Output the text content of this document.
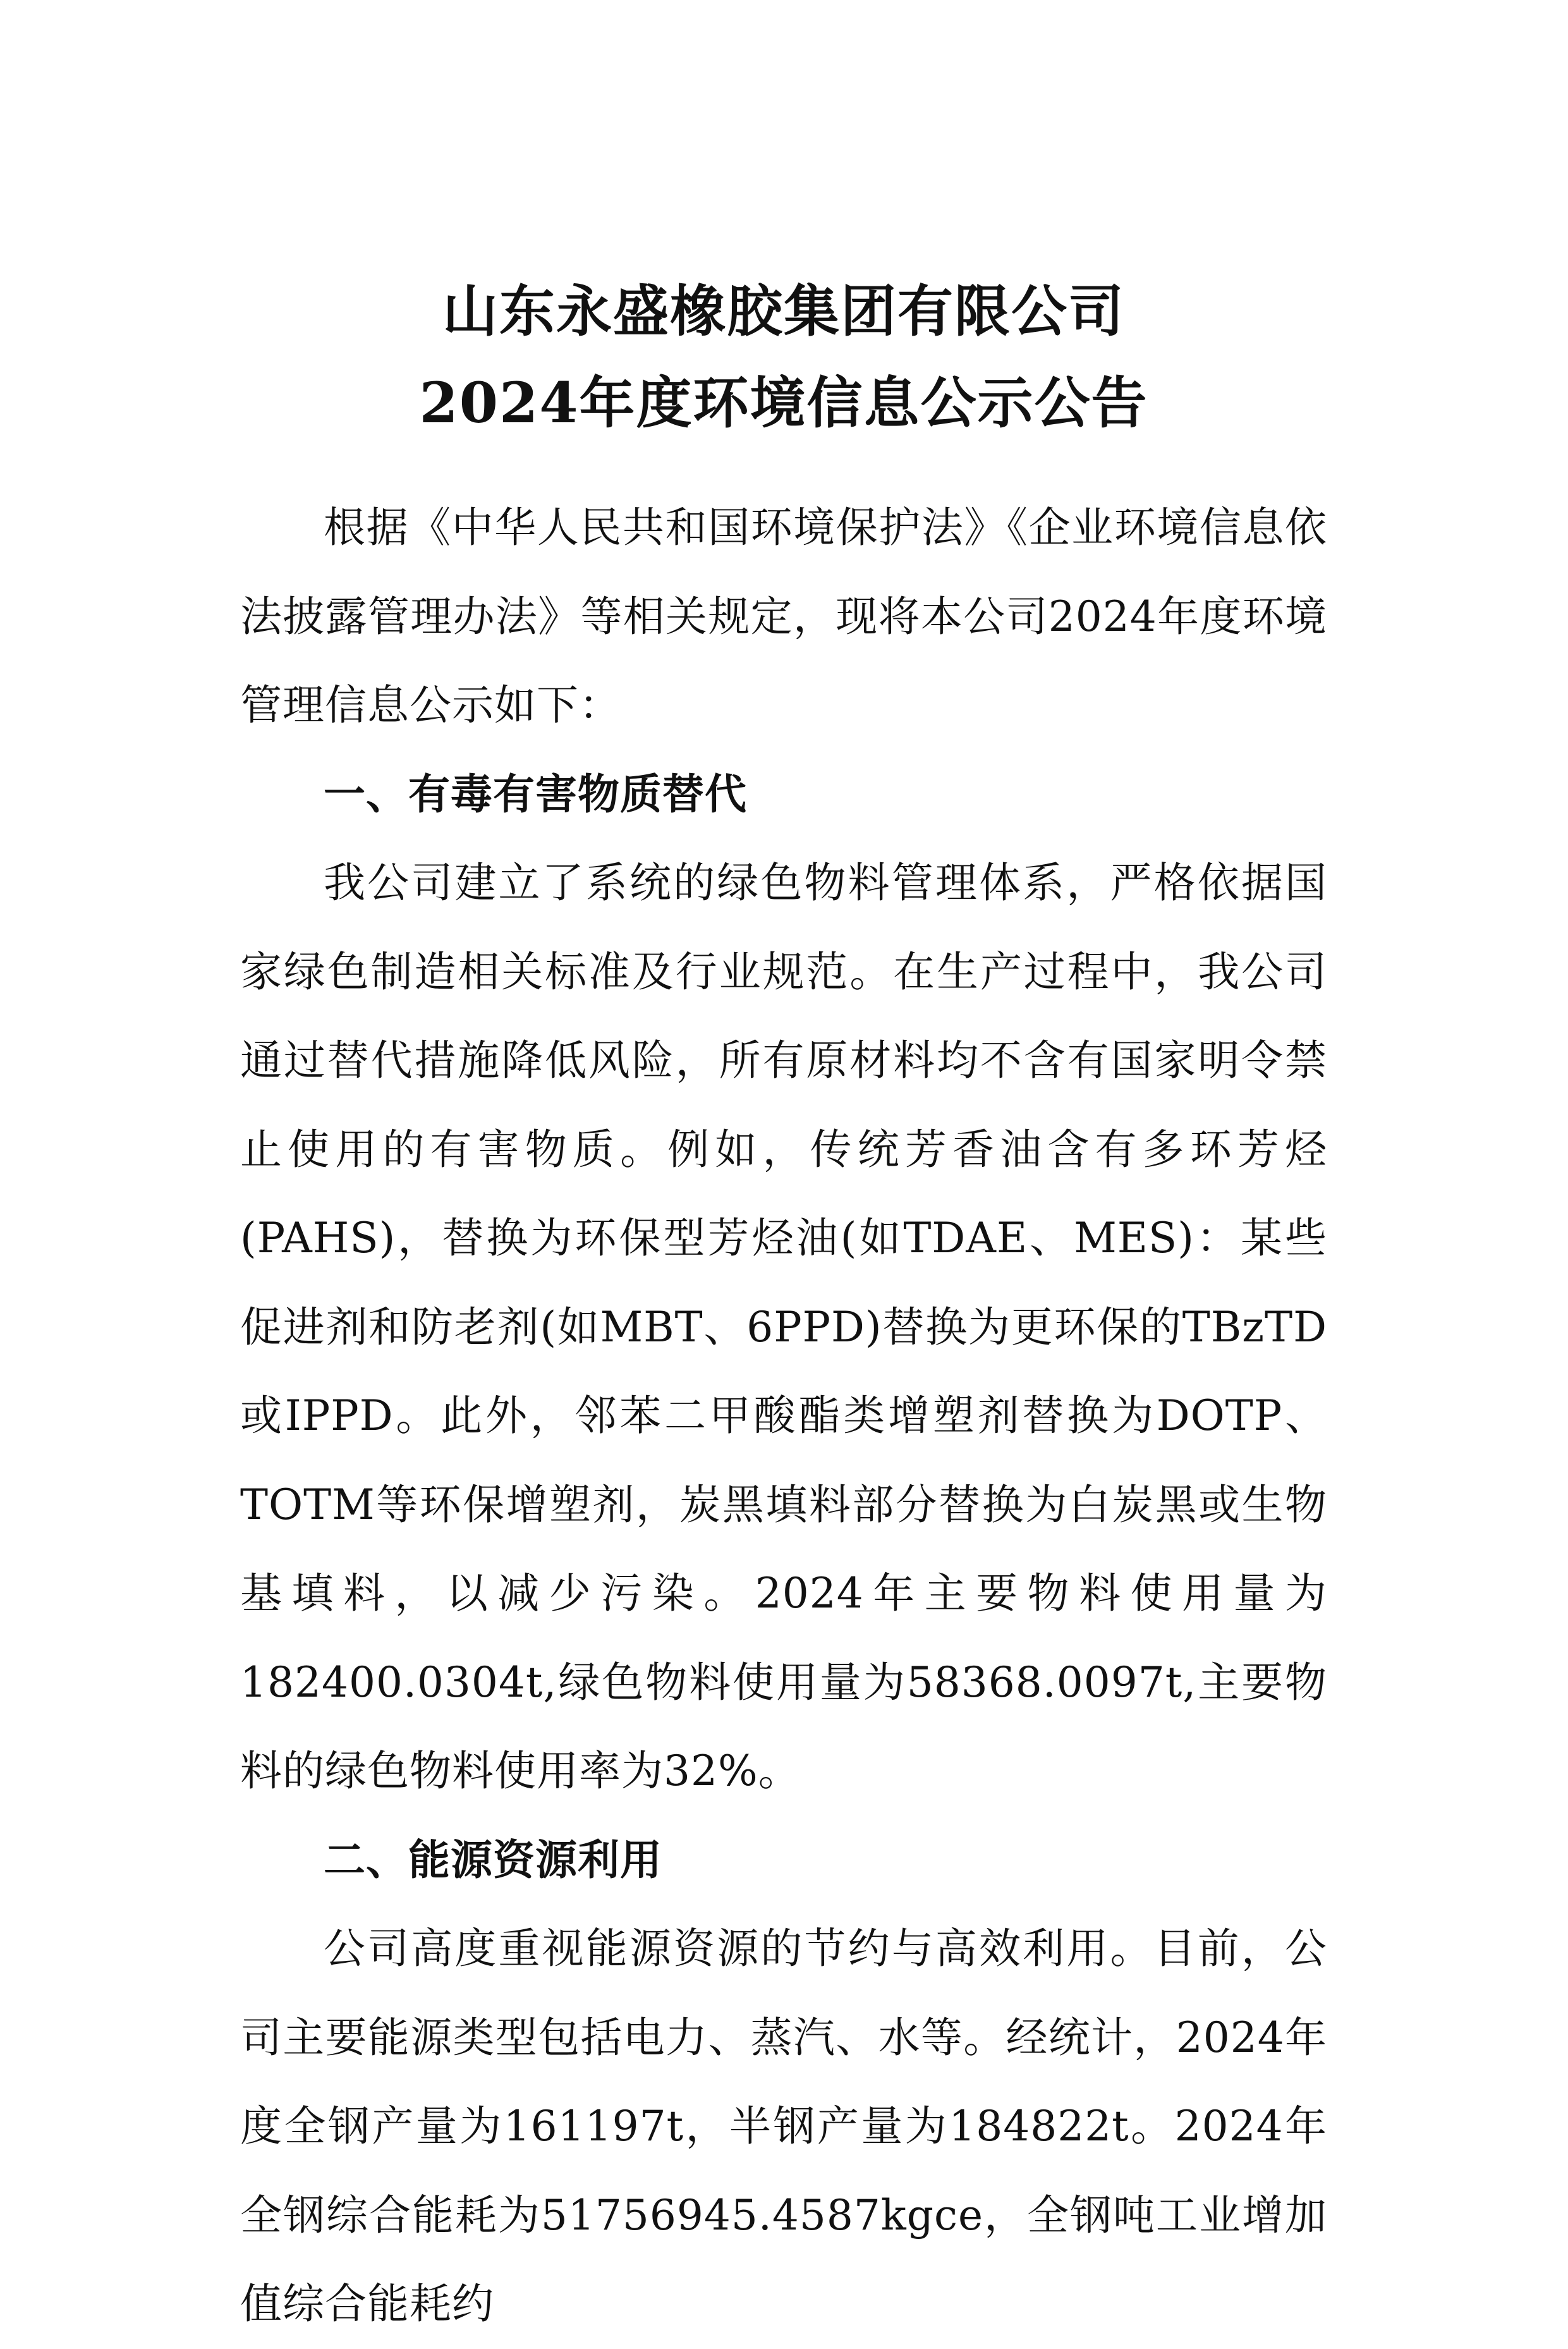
山东永盛橡胶集团有限公司
2024年度环境信息公示公告

根据《中华人民共和国环境保护法》《企业环境信息依法披露管理办法》等相关规定，现将本公司2024年度环境管理信息公示如下：

一、有毒有害物质替代

我公司建立了系统的绿色物料管理体系，严格依据国家绿色制造相关标准及行业规范。在生产过程中，我公司通过替代措施降低风险，所有原材料均不含有国家明令禁止使用的有害物质。例如，传统芳香油含有多环芳烃(PAHS)，替换为环保型芳烃油(如TDAE、MES)：某些促进剂和防老剂(如MBT、6PPD)替换为更环保的TBzTD或IPPD。此外，邻苯二甲酸酯类增塑剂替换为DOTP、TOTM等环保增塑剂，炭黑填料部分替换为白炭黑或生物基填料，以减少污染。2024年主要物料使用量为182400.0304t,绿色物料使用量为58368.0097t,主要物料的绿色物料使用率为32%。

二、能源资源利用

公司高度重视能源资源的节约与高效利用。目前，公司主要能源类型包括电力、蒸汽、水等。经统计，2024年度全钢产量为161197t，半钢产量为184822t。2024年全钢综合能耗为51756945.4587kgce，全钢吨工业增加值综合能耗约
